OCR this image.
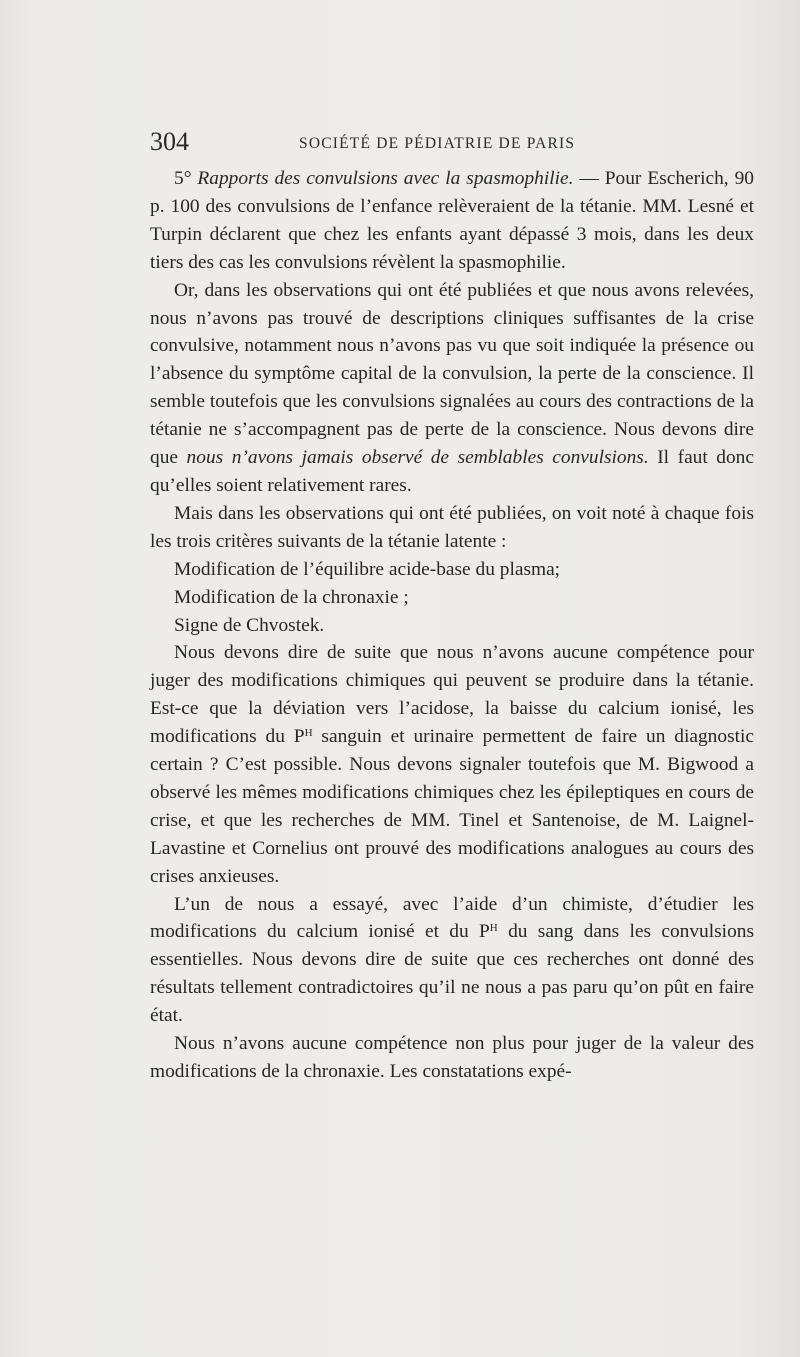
304	SOCIÉTÉ DE PÉDIATRIE DE PARIS

5° Rapports des convulsions avec la spasmophilie. — Pour Escherich, 90 p. 100 des convulsions de l’enfance relèveraient de la tétanie. MM. Lesné et Turpin déclarent que chez les enfants ayant dépassé 3 mois, dans les deux tiers des cas les convulsions révèlent la spasmophilie.

Or, dans les observations qui ont été publiées et que nous avons relevées, nous n’avons pas trouvé de descriptions cliniques suffisantes de la crise convulsive, notamment nous n’avons pas vu que soit indiquée la présence ou l’absence du symptôme capital de la convulsion, la perte de la conscience. Il semble toutefois que les convulsions signalées au cours des contractions de la tétanie ne s’accompagnent pas de perte de la conscience. Nous devons dire que nous n’avons jamais observé de semblables convulsions. Il faut donc qu’elles soient relativement rares.

Mais dans les observations qui ont été publiées, on voit noté à chaque fois les trois critères suivants de la tétanie latente :

Modification de l’équilibre acide-base du plasma;

Modification de la chronaxie ;

Signe de Chvostek.

Nous devons dire de suite que nous n’avons aucune compétence pour juger des modifications chimiques qui peuvent se produire dans la tétanie. Est-ce que la déviation vers l’acidose, la baisse du calcium ionisé, les modifications du $P^H$ sanguin et urinaire permettent de faire un diagnostic certain ? C’est possible. Nous devons signaler toutefois que M. Bigwood a observé les mêmes modifications chimiques chez les épileptiques en cours de crise, et que les recherches de MM. Tinel et Santenoise, de M. Laignel-Lavastine et Cornelius ont prouvé des modifications analogues au cours des crises anxieuses.

L’un de nous a essayé, avec l’aide d’un chimiste, d’étudier les modifications du calcium ionisé et du $P^H$ du sang dans les convulsions essentielles. Nous devons dire de suite que ces recherches ont donné des résultats tellement contradictoires qu’il ne nous a pas paru qu’on pût en faire état.

Nous n’avons aucune compétence non plus pour juger de la valeur des modifications de la chronaxie. Les constatations expé-
